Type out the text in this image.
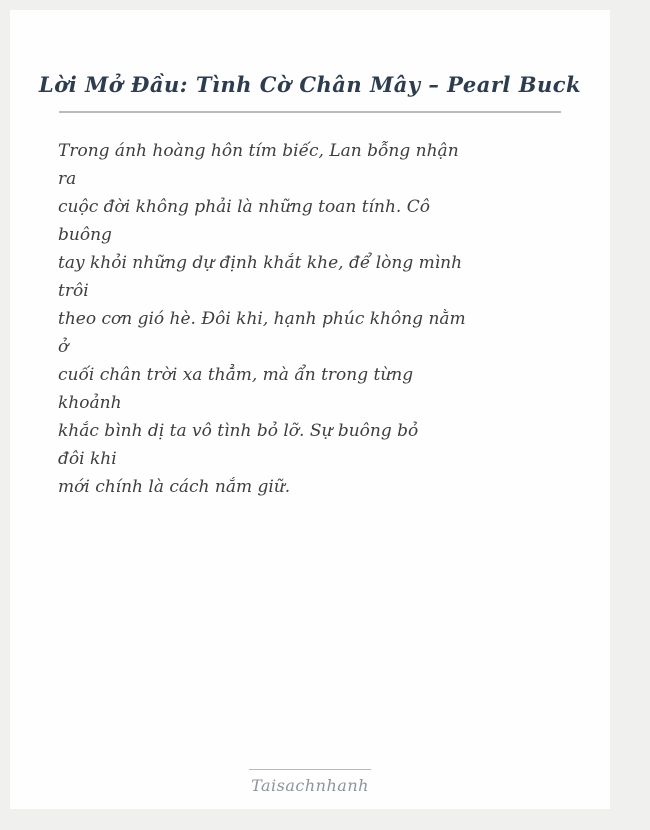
Lời Mở Đầu: Tình Cờ Chân Mây – Pearl Buck
Trong ánh hoàng hôn tím biếc, Lan bỗng nhận
ra
cuộc đời không phải là những toan tính. Cô
buông
tay khỏi những dự định khắt khe, để lòng mình
trôi
theo cơn gió hè. Đôi khi, hạnh phúc không nằm
ở
cuối chân trời xa thẳm, mà ẩn trong từng
khoảnh
khắc bình dị ta vô tình bỏ lỡ. Sự buông bỏ
đôi khi
mới chính là cách nắm giữ.
Taisachnhanh
